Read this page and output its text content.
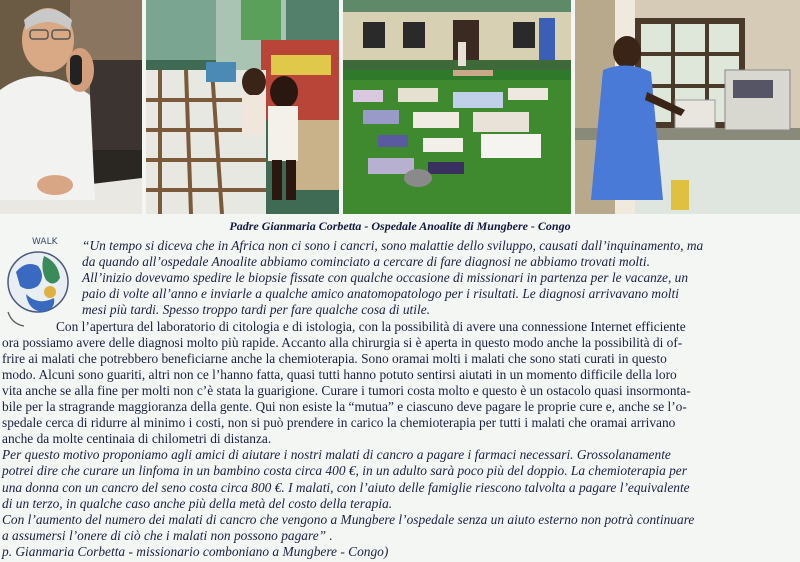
Padre Gianmaria Corbetta - Ospedale Anoalite di Mungbere - Congo
WALK “Un tempo si diceva che in Africa non ci sono i cancri, sono malattie dello sviluppo, causati dall’inquinamento, ma
da quando all’ospedale Anoalite abbiamo cominciato a cercare di fare diagnosi ne abbiamo trovati molti.
All’inizio dovevamo spedire le biopsie fissate con qualche occasione di missionari in partenza per le vacanze, un
paio di volte all’anno e inviarle a qualche amico anatomopatologo per i risultati. Le diagnosi arrivavano molti
mesi più tardi. Spesso troppo tardi per fare qualche cosa di utile.
Con l’apertura del laboratorio di citologia e di istologia, con la possibilità di avere una connessione Internet efficiente
ora possiamo avere delle diagnosi molto più rapide. Accanto alla chirurgia si è aperta in questo modo anche la possibilità di of-
frire ai malati che potrebbero beneficiarne anche la chemioterapia. Sono oramai molti i malati che sono stati curati in questo
modo. Alcuni sono guariti, altri non ce l’hanno fatta, quasi tutti hanno potuto sentirsi aiutati in un momento difficile della loro
vita anche se alla fine per molti non c’è stata la guarigione. Curare i tumori costa molto e questo è un ostacolo quasi insormonta-
bile per la stragrande maggioranza della gente. Qui non esiste la “mutua” e ciascuno deve pagare le proprie cure e, anche se l’o-
spedale cerca di ridurre al minimo i costi, non si può prendere in carico la chemioterapia per tutti i malati che oramai arrivano
anche da molte centinaia di chilometri di distanza.
Per questo motivo proponiamo agli amici di aiutare i nostri malati di cancro a pagare i farmaci necessari. Grossolanamente
potrei dire che curare un linfoma in un bambino costa circa 400 €, in un adulto sarà poco più del doppio. La chemioterapia per
una donna con un cancro del seno costa circa 800 €. I malati, con l’aiuto delle famiglie riescono talvolta a pagare l’equivalente
di un terzo, in qualche caso anche più della metà del costo della terapia.
Con l’aumento del numero dei malati di cancro che vengono a Mungbere l’ospedale senza un aiuto esterno non potrà continuare
a assumersi l’onere di ciò che i malati non possono pagare” .
p. Gianmaria Corbetta - missionario comboniano a Mungbere - Congo)
